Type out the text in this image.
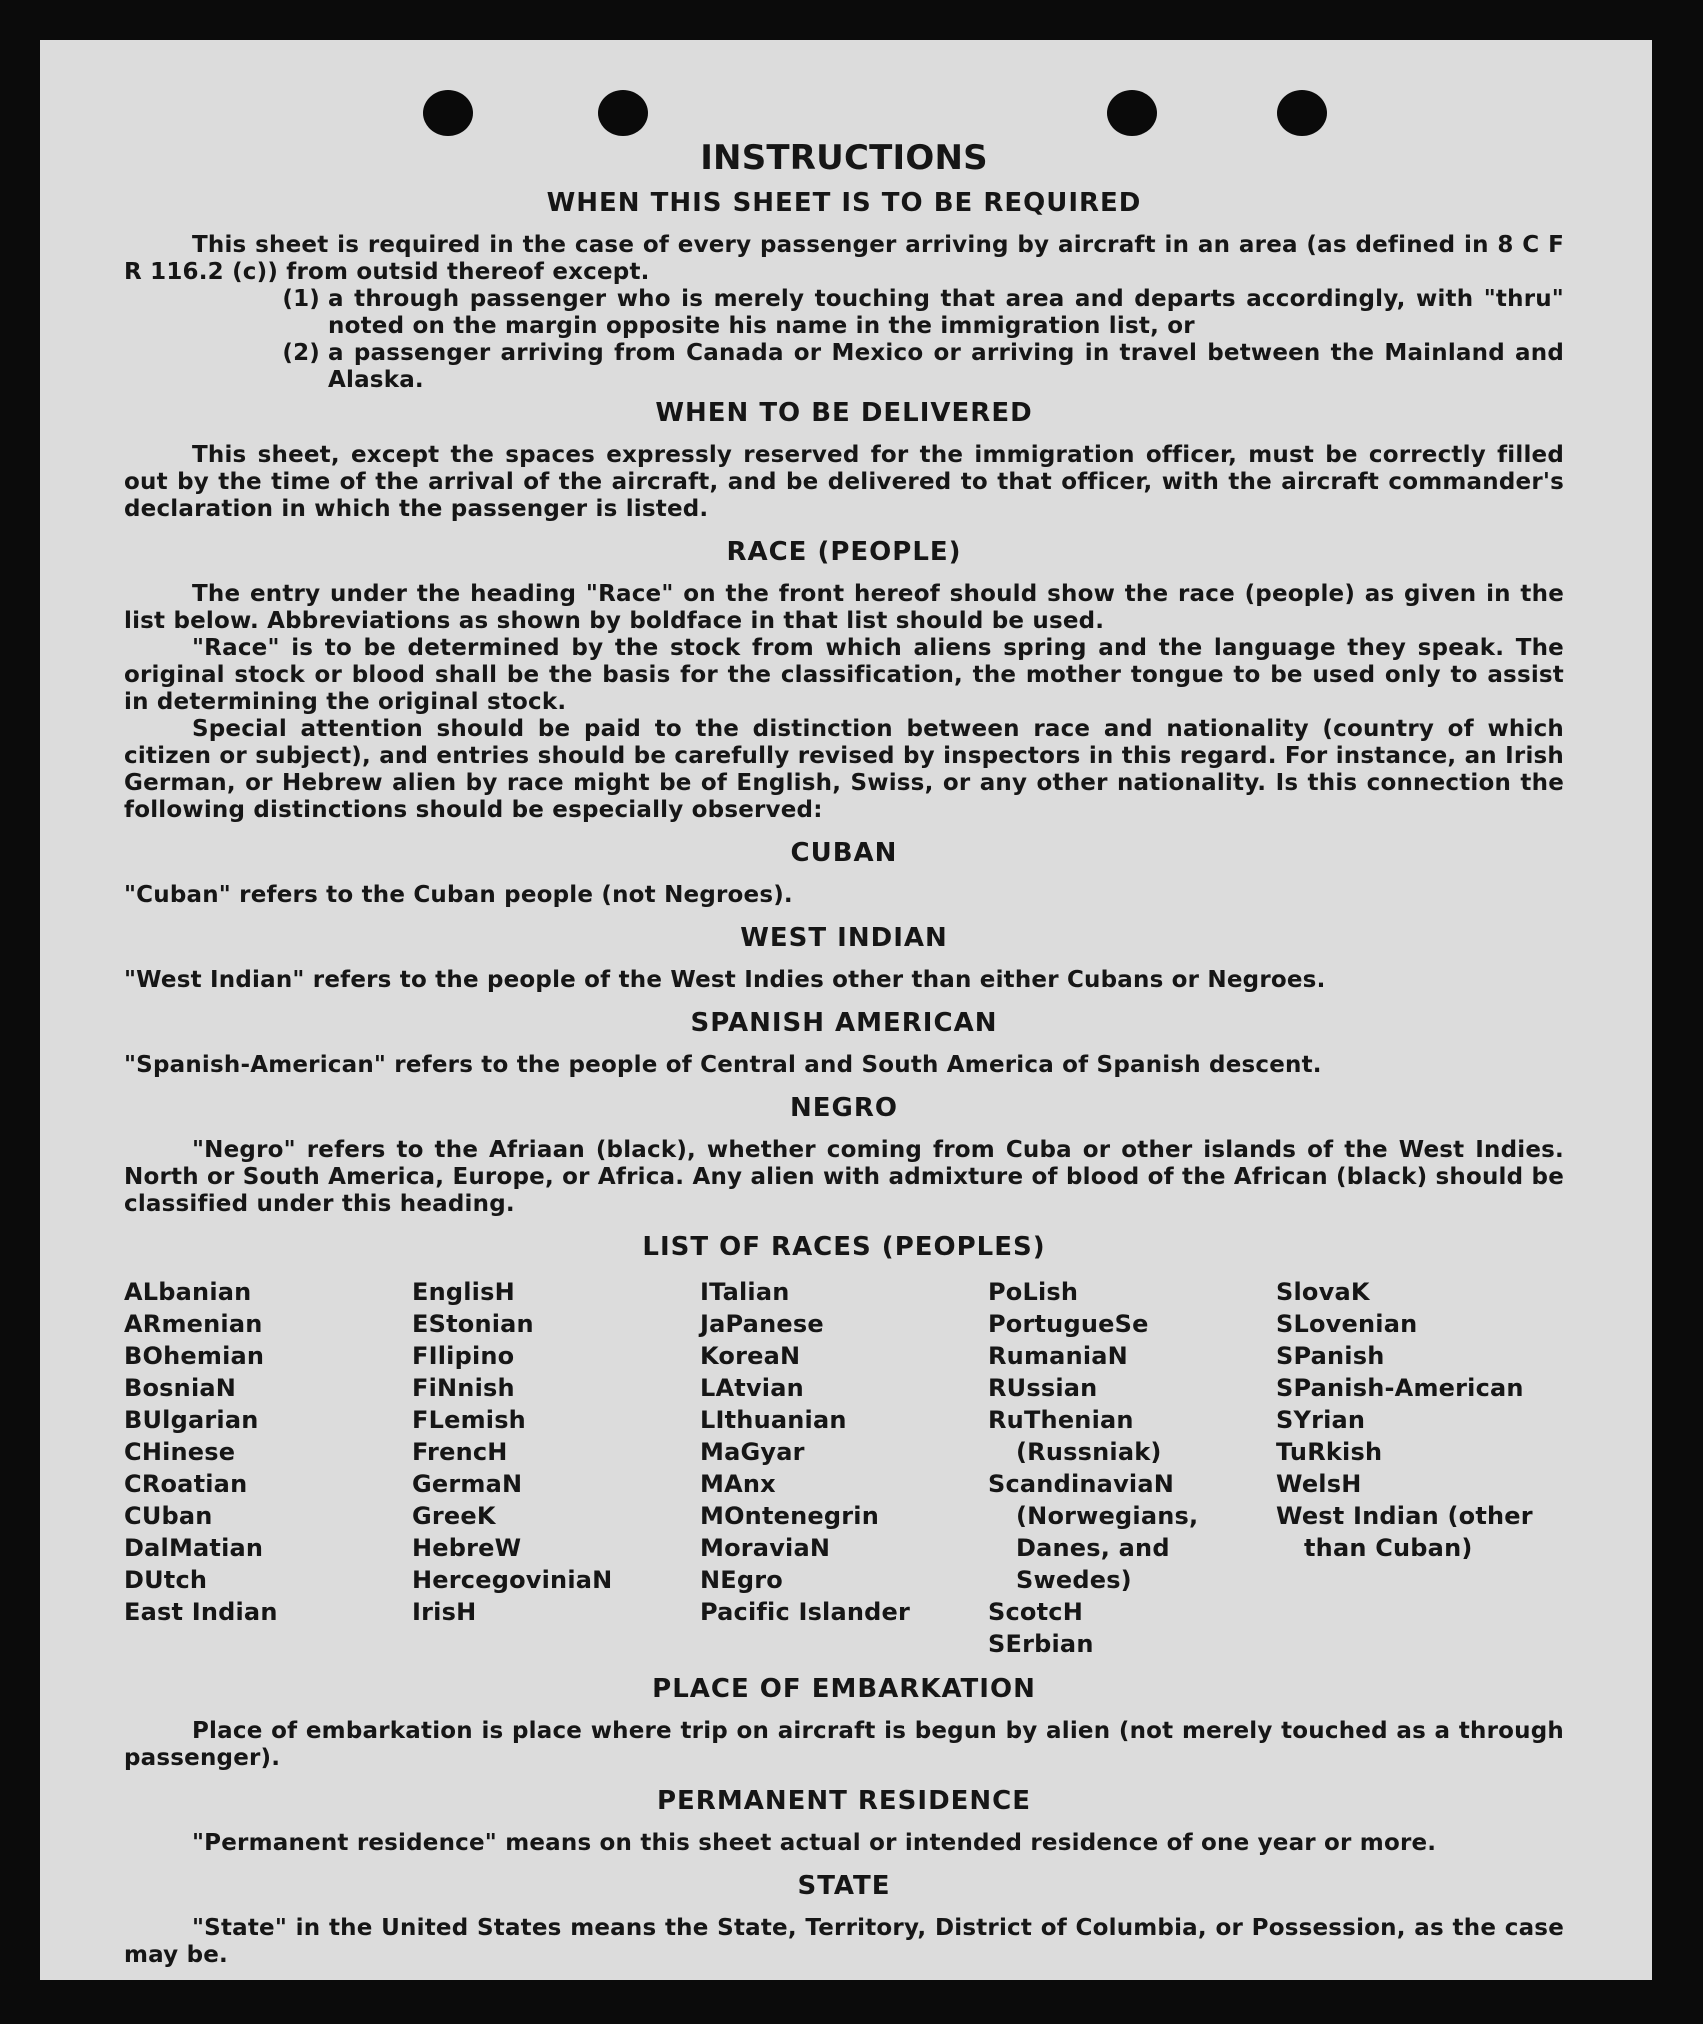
INSTRUCTIONS
WHEN THIS SHEET IS TO BE REQUIRED

This sheet is required in the case of every passenger arriving by aircraft in an area (as defined in 8 C F R 116.2 (c)) from outsid thereof except.

(1) a through passenger who is merely touching that area and departs accordingly, with "thru" noted on the margin opposite his name in the immigration list, or

(2) a passenger arriving from Canada or Mexico or arriving in travel between the Mainland and Alaska.

WHEN TO BE DELIVERED

This sheet, except the spaces expressly reserved for the immigration officer, must be correctly filled out by the time of the arrival of the aircraft, and be delivered to that officer, with the aircraft commander's declaration in which the passenger is listed.

RACE (PEOPLE)

The entry under the heading "Race" on the front hereof should show the race (people) as given in the list below. Abbreviations as shown by boldface in that list should be used.

"Race" is to be determined by the stock from which aliens spring and the language they speak. The original stock or blood shall be the basis for the classification, the mother tongue to be used only to assist in determining the original stock.

Special attention should be paid to the distinction between race and nationality (country of which citizen or subject), and entries should be carefully revised by inspectors in this regard. For instance, an Irish German, or Hebrew alien by race might be of English, Swiss, or any other nationality. Is this connection the following distinctions should be especially observed:

CUBAN

"Cuban" refers to the Cuban people (not Negroes).

WEST INDIAN

"West Indian" refers to the people of the West Indies other than either Cubans or Negroes.

SPANISH AMERICAN

"Spanish-American" refers to the people of Central and South America of Spanish descent.

NEGRO

"Negro" refers to the Afriaan (black), whether coming from Cuba or other islands of the West Indies. North or South America, Europe, or Africa. Any alien with admixture of blood of the African (black) should be classified under this heading.

LIST OF RACES (PEOPLES)
ALbanian
ARmenian
BOhemian
BosniaN
BUlgarian
CHinese
CRoatian
CUban
DalMatian
DUtch
East Indian
EnglisH
EStonian
FIlipino
FiNnish
FLemish
FrencH
GermaN
GreeK
HebreW
HercegoviniaN
IrisH
ITalian
JaPanese
KoreaN
LAtvian
LIthuanian
MaGyar
MAnx
MOntenegrin
MoraviaN
NEgro
Pacific Islander
PoLish
PortugueSe
RumaniaN
RUssian
RuThenian (Russniak)
ScandinaviaN (Norwegians, Danes, and Swedes)
ScotcH
SErbian
SlovaK
SLovenian
SPanish
SPanish-American
SYrian
TuRkish
WelsH
West Indian (other than Cuban)
PLACE OF EMBARKATION

Place of embarkation is place where trip on aircraft is begun by alien (not merely touched as a through passenger).

PERMANENT RESIDENCE

"Permanent residence" means on this sheet actual or intended residence of one year or more.

STATE

"State" in the United States means the State, Territory, District of Columbia, or Possession, as the case may be.
